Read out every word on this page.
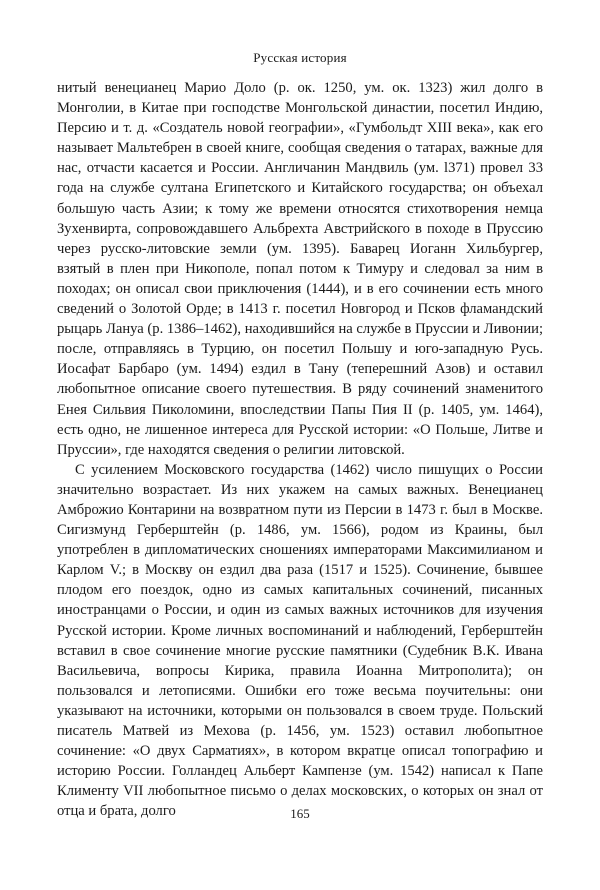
Русская история

нитый венецианец Марио Доло (р. ок. 1250, ум. ок. 1323) жил долго в Монголии, в Китае при господстве Монгольской династии, посетил Индию, Персию и т. д. «Создатель новой географии», «Гумбольдт XIII века», как его называет Мальтебрен в своей книге, сообщая сведения о татарах, важные для нас, отчасти касается и России. Англичанин Мандвиль (ум. l371) провел 33 года на службе султана Египетского и Китайского государства; он объехал большую часть Азии; к тому же времени относятся стихотворения немца Зухенвирта, сопровождавшего Альбрехта Австрийского в походе в Пруссию через русско-литовские земли (ум. 1395). Баварец Иоганн Хильбургер, взятый в плен при Никополе, попал потом к Тимуру и следовал за ним в походах; он описал свои приключения (1444), и в его сочинении есть много сведений о Золотой Орде; в 1413 г. посетил Новгород и Псков фламандский рыцарь Лануа (р. 1386–1462), находившийся на службе в Пруссии и Ливонии; после, отправляясь в Турцию, он посетил Польшу и юго-западную Русь. Иосафат Барбаро (ум. 1494) ездил в Тану (теперешний Азов) и оставил любопытное описание своего путешествия. В ряду сочинений знаменитого Енея Сильвия Пиколомини, впоследствии Папы Пия II (р. 1405, ум. 1464), есть одно, не лишенное интереса для Русской истории: «О Польше, Литве и Пруссии», где находятся сведения о религии литовской.

С усилением Московского государства (1462) число пишущих о России значительно возрастает. Из них укажем на самых важных. Венецианец Амброжио Контарини на возвратном пути из Персии в 1473 г. был в Москве. Сигизмунд Герберштейн (р. 1486, ум. 1566), родом из Краины, был употреблен в дипломатических сношениях императорами Максимилианом и Карлом V.; в Москву он ездил два раза (1517 и 1525). Сочинение, бывшее плодом его поездок, одно из самых капитальных сочинений, писанных иностранцами о России, и один из самых важных источников для изучения Русской истории. Кроме личных воспоминаний и наблюдений, Герберштейн вставил в свое сочинение многие русские памятники (Судебник В.К. Ивана Васильевича, вопросы Кирика, правила Иоанна Митрополита); он пользовался и летописями. Ошибки его тоже весьма поучительны: они указывают на источники, которыми он пользовался в своем труде. Польский писатель Матвей из Мехова (р. 1456, ум. 1523) оставил любопытное сочинение: «О двух Сарматиях», в котором вкратце описал топографию и историю России. Голландец Альберт Кампензе (ум. 1542) написал к Папе Клименту VII любопытное письмо о делах московских, о которых он знал от отца и брата, долго	165
